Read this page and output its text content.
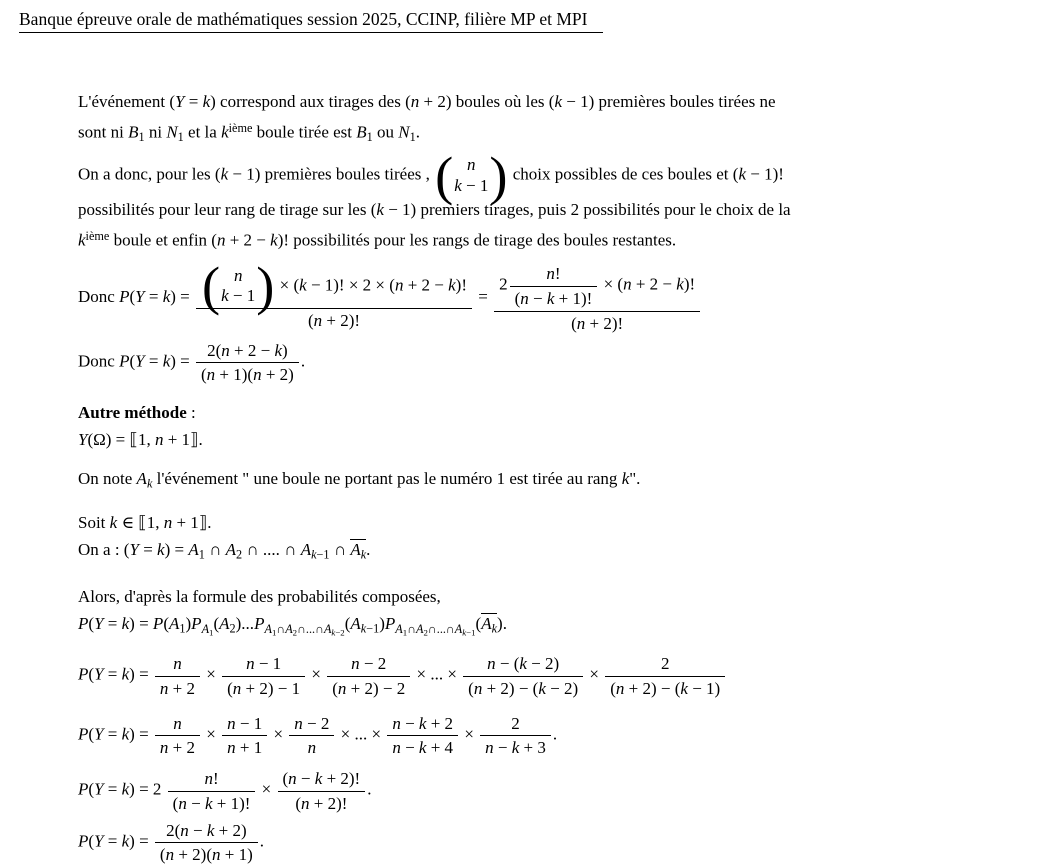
Banque épreuve orale de mathématiques session 2025, CCINP, filière MP et MPI
L'événement (Y = k) correspond aux tirages des (n + 2) boules où les (k − 1) premières boules tirées ne
sont ni $B_1$ ni $N_1$ et la $k^{ième}$ boule tirée est $B_1$ ou $N_1$.
On a donc, pour les (k − 1) premières boules tirées , ( n
k − 1 ) choix possibles de ces boules et (k − 1)!
possibilités pour leur rang de tirage sur les (k − 1) premiers tirages, puis 2 possibilités pour le choix de la
$k^{ième}$ boule et enfin (n + 2 − k)! possibilités pour les rangs de tirage des boules restantes.
Donc P(Y = k) = ( n
k − 1 ) × (k − 1)! × 2 × (n + 2 − k)!
(n + 2)! = $\frac{2 \frac{n!}{(n - k + 1)!} \times (n + 2 - k)!}{(n + 2)!}$
Donc $P(Y = k) = \frac{2(n + 2 - k)}{(n + 1)(n + 2)}$ .
Autre méthode :
Y(Ω) = ⟦1, n + 1⟧.
On note $A_k$ l'événement " une boule ne portant pas le numéro 1 est tirée au rang k".
Soit k ∈ ⟦1, n + 1⟧.
On a : $(Y = k) = A_1$ ∩ $A_2$ ∩ .... ∩ $A_{k-1}$ ∩ $A_k$.
Alors, d'après la formule des probabilités composées,
$P(Y = k) = P(A_1)P_{A_1}(A_2)...P_{A_1\cap A_2\cap...\cap A_{k-2}}(A_{k-1})P_{A_1\cap A_2\cap...\cap A_{k-1}}(A_k)$.
$P(Y = k) = \frac{n}{n + 2} \times \frac{n - 1}{(n + 2) - 1} \times \frac{n - 2}{(n + 2) - 2}$ × ... × $\frac{n - (k - 2)}{(n + 2) - (k - 2)} \times \frac{2}{(n + 2) - (k - 1)}$
$P(Y = k) = \frac{n}{n + 2} \times \frac{n - 1}{n + 1} \times \frac{n - 2}{n}$ × ... × $\frac{n - k + 2}{n - k + 4} \times \frac{2}{n - k + 3}$ .
$P(Y = k) = 2 \frac{n!}{(n - k + 1)!} \times \frac{(n - k + 2)!}{(n + 2)!}$ .
$P(Y = k) = \frac{2(n - k + 2)}{(n + 2)(n + 1)}$ .
